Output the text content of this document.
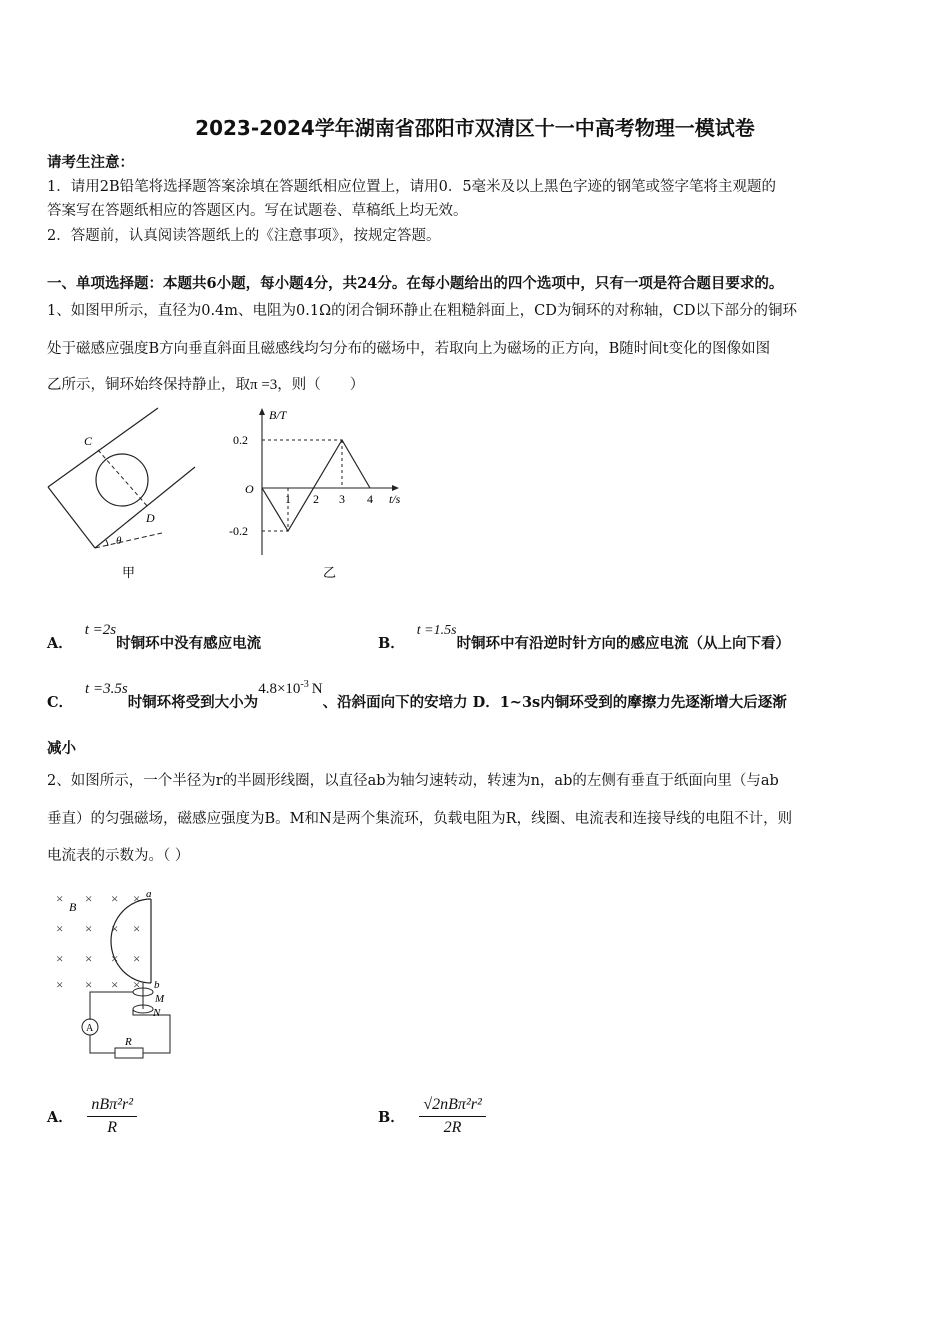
2023-2024学年湖南省邵阳市双清区十一中高考物理一模试卷
请考生注意：
1．请用2B铅笔将选择题答案涂填在答题纸相应位置上，请用0．5毫米及以上黑色字迹的钢笔或签字笔将主观题的
答案写在答题纸相应的答题区内。写在试题卷、草稿纸上均无效。
2．答题前，认真阅读答题纸上的《注意事项》，按规定答题。
一、单项选择题：本题共6小题，每小题4分，共24分。在每小题给出的四个选项中，只有一项是符合题目要求的。
1、如图甲所示，直径为0.4m、电阻为0.1Ω的闭合铜环静止在粗糙斜面上，CD为铜环的对称轴，CD以下部分的铜环
处于磁感应强度B方向垂直斜面且磁感线均匀分布的磁场中，若取向上为磁场的正方向，B随时间t变化的图像如图
乙所示，铜环始终保持静止，取π =3，则（　　）
C
D
θ
甲
B/T
0.2
-0.2
O
1 2 3 4 t/s
乙
A．t =2s时铜环中没有感应电流	B．t =1.5s时铜环中有沿逆时针方向的感应电流（从上向下看）
C．t =3.5s时铜环将受到大小为$4.8\times 10^{-3}$ N、沿斜面向下的安培力 D．1~3s内铜环受到的摩擦力先逐渐增大后逐渐
减小
2、如图所示，一个半径为r的半圆形线圈，以直径ab为轴匀速转动，转速为n，ab的左侧有垂直于纸面向里（与ab
垂直）的匀强磁场，磁感应强度为B。M和N是两个集流环，负载电阻为R，线圈、电流表和连接导线的电阻不计，则
电流表的示数为。（ ）
× × × ×
× × × ×
× × × ×
× × × ×
A
a
B
b
M
N
R
A． $\frac{\text{nBπ²r²}}{R}$	B． $\frac{\text{√2nBπ²r²}}{2R}$
